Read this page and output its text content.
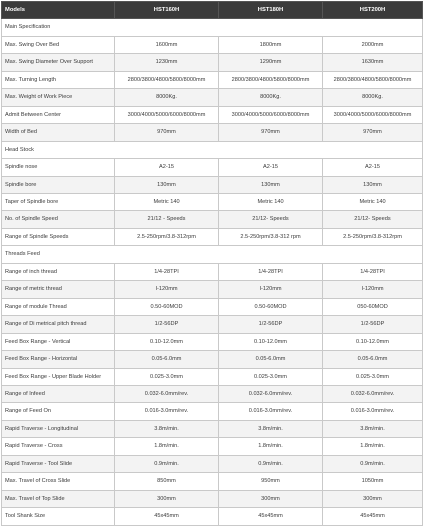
Models	HST160H	HST180H	HST200H
Main Specification			
Max. Swing Over Bed	1600mm	1800mm	2000mm
Max. Swing Diameter Over Support	1230mm	1290mm	1630mm
Max. Turning Length	2800/3800/4800/5800/8000mm	2800/3800/4800/5800/8000mm	2800/3800/4800/5800/8000mm
Max. Weight of Work Piece	8000Kg.	8000Kg.	8000Kg.
Admit Between Center	3000/4000/5000/6000/8000mm	3000/4000/5000/6000/8000mm	3000/4000/5000/6000/8000mm
Width of Bed	970mm	970mm	970mm
Head Stock			
Spindle nose	A2-15	A2-15	A2-15
Spindle bore	130mm	130mm	130mm
Taper of Spindle bore	Metric 140	Metric 140	Metric 140
No. of Spindle Speed	21/12 - Speeds	21/12- Speeds	21/12- Speeds
Range of Spindle Speeds	2.5-250rpm/3.8-312rpm	2.5-250rpm/3.8-312 rpm	2.5-250rpm/3.8-312rpm
Threads Feed			
Range of inch thread	1/4-28TPI	1/4-28TPI	1/4-28TPI
Range of metric thread	I-120mm	I-120mm	I-120mm
Range of module Thread	0.50-60MOD	0.50-60MOD	050-60MOD
Range of Di metrical pitch thread	1/2-56DP	1/2-56DP	1/2-56DP
Feed Box Range - Vertical	0.10-12.0mm	0.10-12.0mm	0.10-12.0mm
Feed Box Range - Horizontal	0.05-6.0mm	0.05-6.0mm	0.05-6.0mm
Feed Box Range - Upper Blade Holder	0.025-3.0mm	0.025-3.0mm	0.025-3.0mm
Range of Infeed	0.032-6.0mm/rev.	0.032-6.0mm/rev.	0.032-6.0mm/rev.
Range of Feed On	0.016-3.0mm/rev.	0.016-3.0mm/rev.	0.016-3.0mm/rev.
Rapid Traverse - Longitudinal	3.8m/min.	3.8m/min.	3.8m/min.
Rapid Traverse - Cross	1.8m/min.	1.8m/min.	1.8m/min.
Rapid Traverse - Tool Slide	0.9m/min.	0.9m/min.	0.9m/min.
Max. Travel of Cross Slide	850mm	950mm	1050mm
Max. Travel of Top Slide	300mm	300mm	300mm
Tool Shank Size	45x45mm	45x45mm	45x45mm
